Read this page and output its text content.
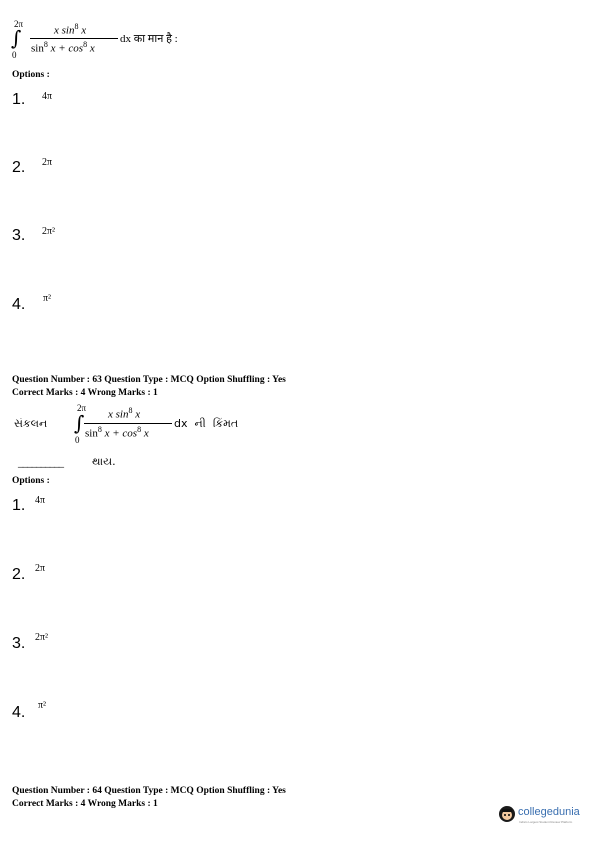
2π
∫
0
x $\sin^8 x$
$\sin^8 x + \cos^8 x$
dx का मान है :
Options :
1. 4π
2. 2π
3. 2π²
4. π²
Question Number : 63 Question Type : MCQ Option Shuffling : Yes
Correct Marks : 4 Wrong Marks : 1
સંકલન
2π
∫
0
x $\sin^8 x$
$\sin^8 x + \cos^8 x$
dx  ની  કિંમત
__________	થાય.
Options :
1. 4π
2. 2π
3. 2π²
4. π²
Question Number : 64 Question Type : MCQ Option Shuffling : Yes
Correct Marks : 4 Wrong Marks : 1
collegedunia
India's Largest Student Review Platform
